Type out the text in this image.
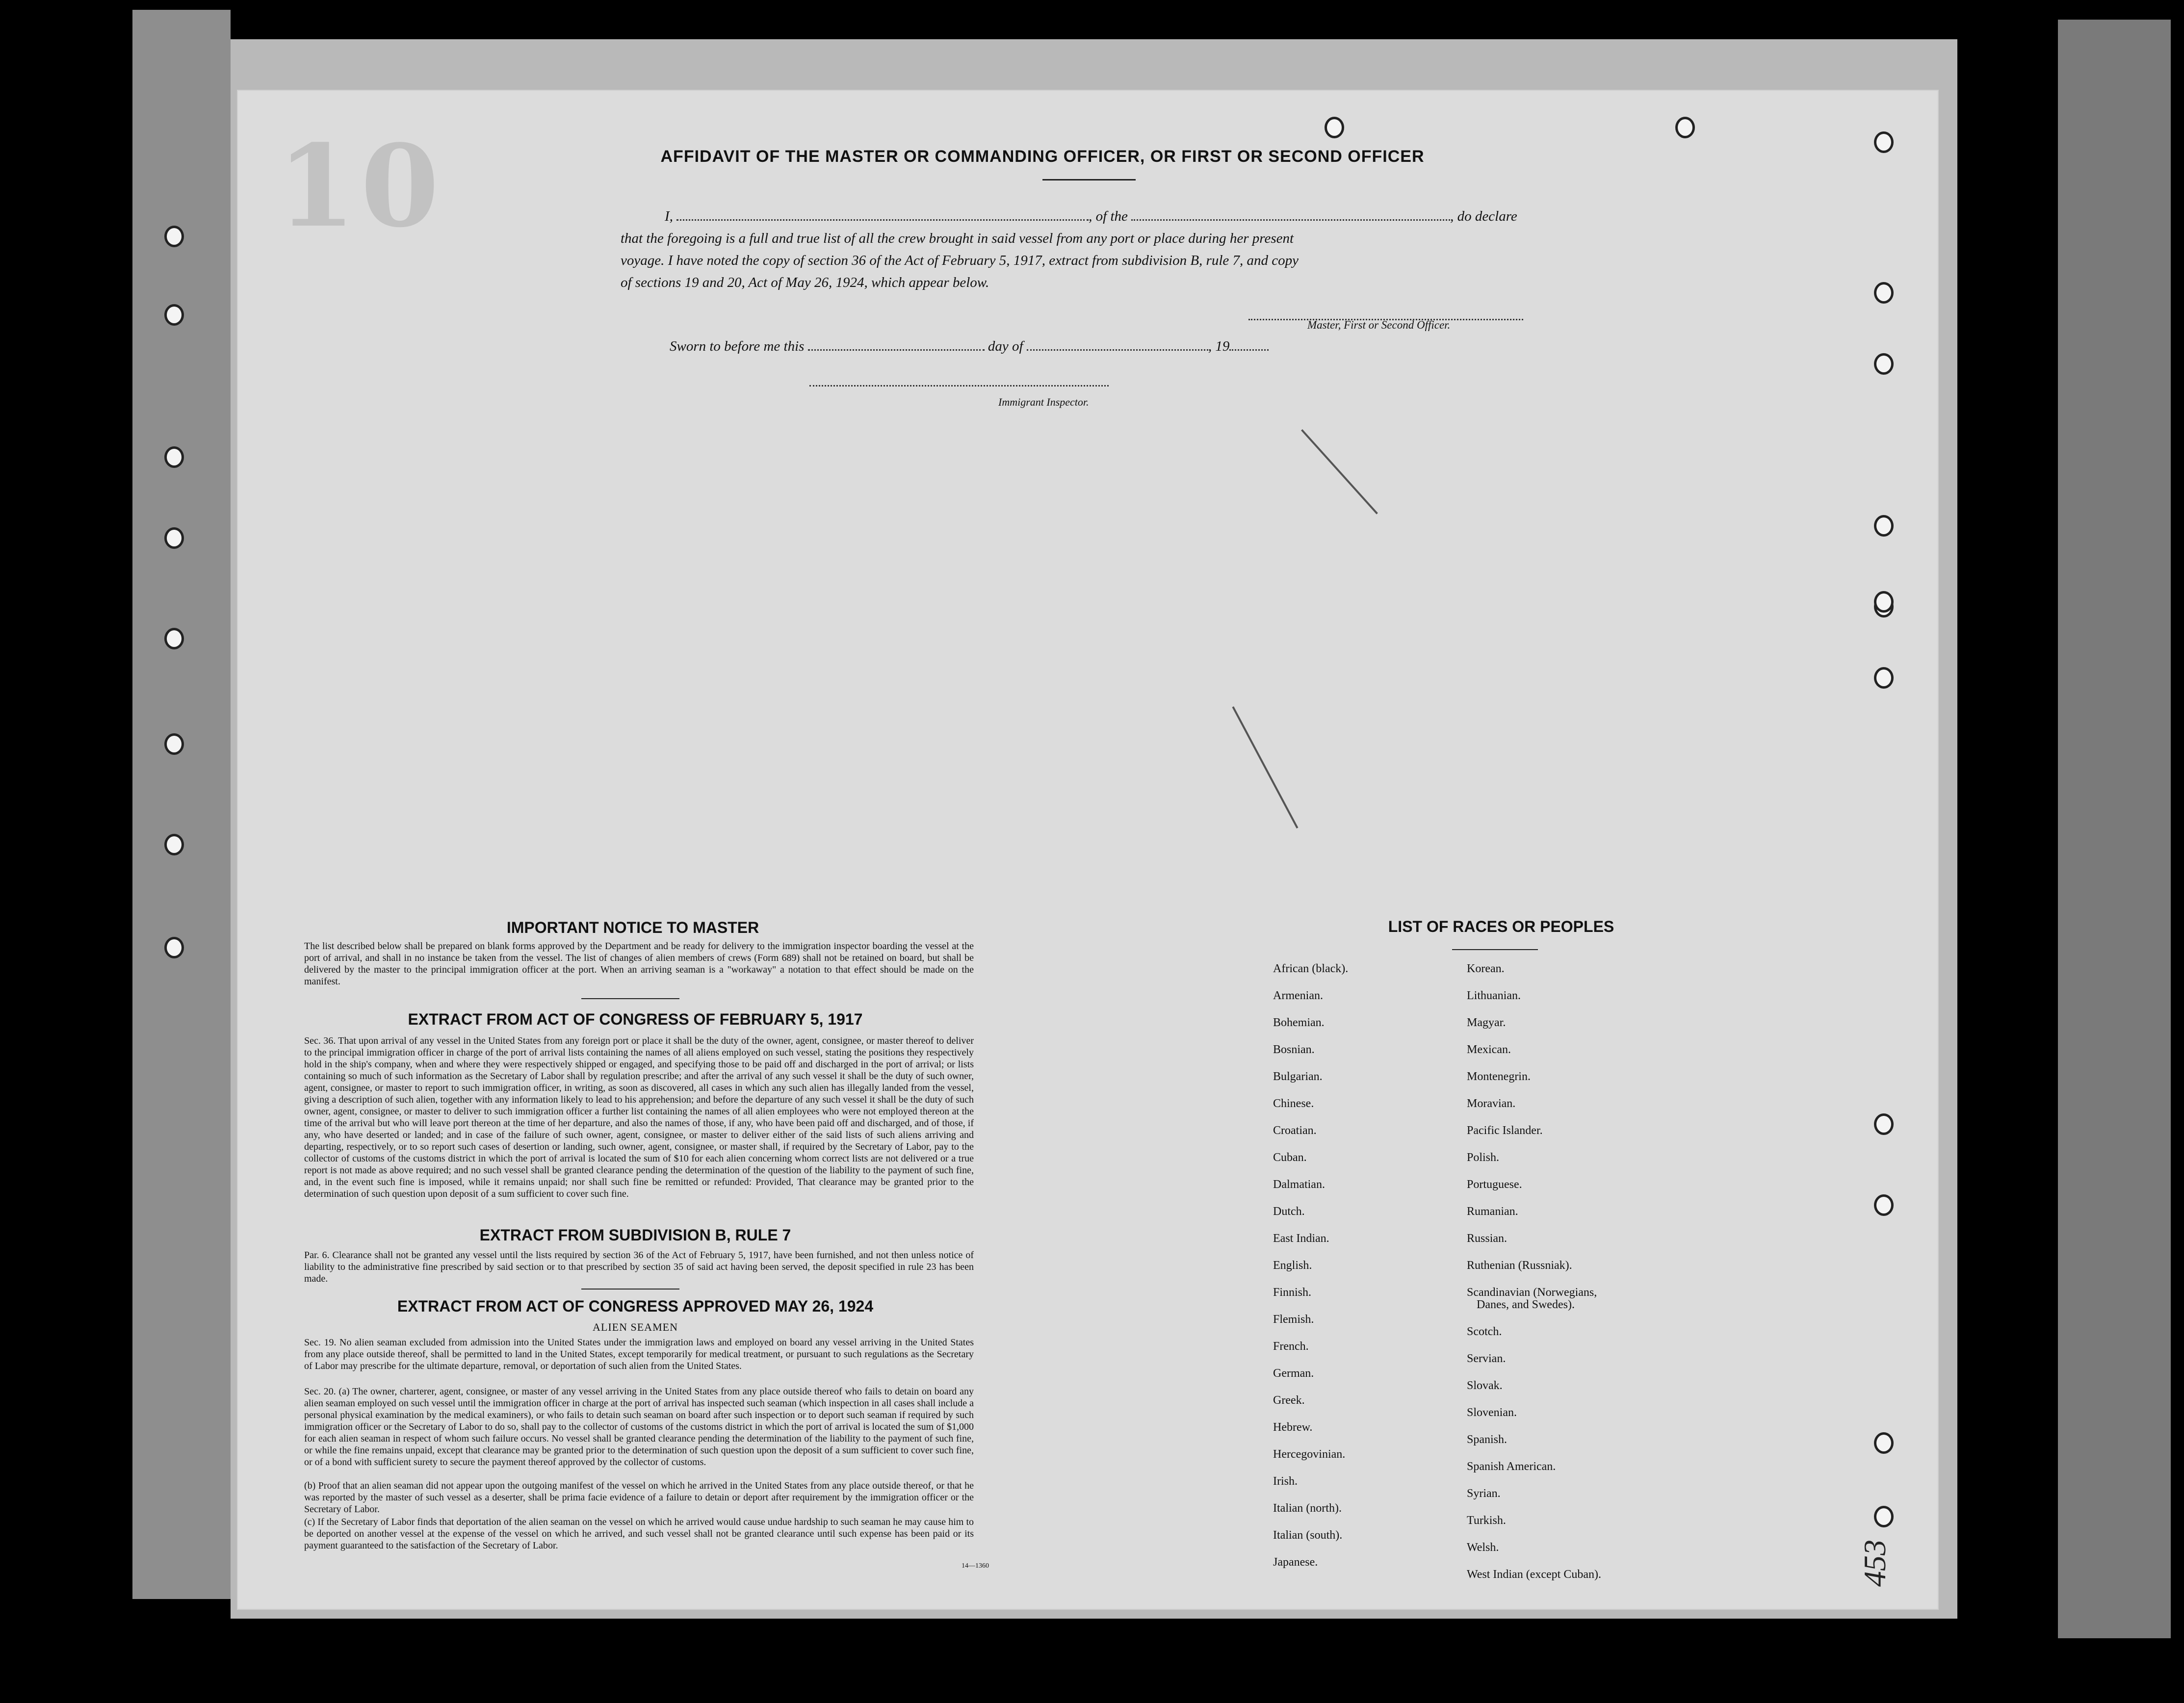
10	AFFIDAVIT OF THE MASTER OR COMMANDING OFFICER, OR FIRST OR SECOND OFFICER
I,	, of the	, do declare
that the foregoing is a full and true list of all the crew brought in said vessel from any port or place during her present
voyage. I have noted the copy of section 36 of the Act of February 5, 1917, extract from subdivision B, rule 7, and copy
of sections 19 and 20, Act of May 26, 1924, which appear below.
Master, First or Second Officer.
Sworn to before me this	day of	, 19
Immigrant Inspector.
IMPORTANT NOTICE TO MASTER
The list described below shall be prepared on blank forms approved by the Department and be ready for delivery to the immigration inspector boarding the vessel at the port of arrival, and shall in no instance be taken from the vessel. The list of changes of alien members of crews (Form 689) shall not be retained on board, but shall be delivered by the master to the principal immigration officer at the port. When an arriving seaman is a "workaway" a notation to that effect should be made on the manifest.
EXTRACT FROM ACT OF CONGRESS OF FEBRUARY 5, 1917
Sec. 36. That upon arrival of any vessel in the United States from any foreign port or place it shall be the duty of the owner, agent, consignee, or master thereof to deliver to the principal immigration officer in charge of the port of arrival lists containing the names of all aliens employed on such vessel, stating the positions they respectively hold in the ship's company, when and where they were respectively shipped or engaged, and specifying those to be paid off and discharged in the port of arrival; or lists containing so much of such information as the Secretary of Labor shall by regulation prescribe; and after the arrival of any such vessel it shall be the duty of such owner, agent, consignee, or master to report to such immigration officer, in writing, as soon as discovered, all cases in which any such alien has illegally landed from the vessel, giving a description of such alien, together with any information likely to lead to his apprehension; and before the departure of any such vessel it shall be the duty of such owner, agent, consignee, or master to deliver to such immigration officer a further list containing the names of all alien employees who were not employed thereon at the time of the arrival but who will leave port thereon at the time of her departure, and also the names of those, if any, who have been paid off and discharged, and of those, if any, who have deserted or landed; and in case of the failure of such owner, agent, consignee, or master to deliver either of the said lists of such aliens arriving and departing, respectively, or to so report such cases of desertion or landing, such owner, agent, consignee, or master shall, if required by the Secretary of Labor, pay to the collector of customs of the customs district in which the port of arrival is located the sum of $10 for each alien concerning whom correct lists are not delivered or a true report is not made as above required; and no such vessel shall be granted clearance pending the determination of the question of the liability to the payment of such fine, and, in the event such fine is imposed, while it remains unpaid; nor shall such fine be remitted or refunded: Provided, That clearance may be granted prior to the determination of such question upon deposit of a sum sufficient to cover such fine.
EXTRACT FROM SUBDIVISION B, RULE 7
Par. 6. Clearance shall not be granted any vessel until the lists required by section 36 of the Act of February 5, 1917, have been furnished, and not then unless notice of liability to the administrative fine prescribed by said section or to that prescribed by section 35 of said act having been served, the deposit specified in rule 23 has been made.
EXTRACT FROM ACT OF CONGRESS APPROVED MAY 26, 1924
ALIEN SEAMEN
Sec. 19. No alien seaman excluded from admission into the United States under the immigration laws and employed on board any vessel arriving in the United States from any place outside thereof, shall be permitted to land in the United States, except temporarily for medical treatment, or pursuant to such regulations as the Secretary of Labor may prescribe for the ultimate departure, removal, or deportation of such alien from the United States.
Sec. 20. (a) The owner, charterer, agent, consignee, or master of any vessel arriving in the United States from any place outside thereof who fails to detain on board any alien seaman employed on such vessel until the immigration officer in charge at the port of arrival has inspected such seaman (which inspection in all cases shall include a personal physical examination by the medical examiners), or who fails to detain such seaman on board after such inspection or to deport such seaman if required by such immigration officer or the Secretary of Labor to do so, shall pay to the collector of customs of the customs district in which the port of arrival is located the sum of $1,000 for each alien seaman in respect of whom such failure occurs. No vessel shall be granted clearance pending the determination of the liability to the payment of such fine, or while the fine remains unpaid, except that clearance may be granted prior to the determination of such question upon the deposit of a sum sufficient to cover such fine, or of a bond with sufficient surety to secure the payment thereof approved by the collector of customs.
(b) Proof that an alien seaman did not appear upon the outgoing manifest of the vessel on which he arrived in the United States from any place outside thereof, or that he was reported by the master of such vessel as a deserter, shall be prima facie evidence of a failure to detain or deport after requirement by the immigration officer or the Secretary of Labor.
(c) If the Secretary of Labor finds that deportation of the alien seaman on the vessel on which he arrived would cause undue hardship to such seaman he may cause him to be deported on another vessel at the expense of the vessel on which he arrived, and such vessel shall not be granted clearance until such expense has been paid or its payment guaranteed to the satisfaction of the Secretary of Labor.
14—1360
LIST OF RACES OR PEOPLES
African (black).
Armenian.
Bohemian.
Bosnian.
Bulgarian.
Chinese.
Croatian.
Cuban.
Dalmatian.
Dutch.
East Indian.
English.
Finnish.
Flemish.
French.
German.
Greek.
Hebrew.
Hercegovinian.
Irish.
Italian (north).
Italian (south).
Japanese.
Korean.
Lithuanian.
Magyar.
Mexican.
Montenegrin.
Moravian.
Pacific Islander.
Polish.
Portuguese.
Rumanian.
Russian.
Ruthenian (Russniak).
Scandinavian (Norwegians,
Danes, and Swedes).
Scotch.
Servian.
Slovak.
Slovenian.
Spanish.
Spanish American.
Syrian.
Turkish.
Welsh.
West Indian (except Cuban).	453
